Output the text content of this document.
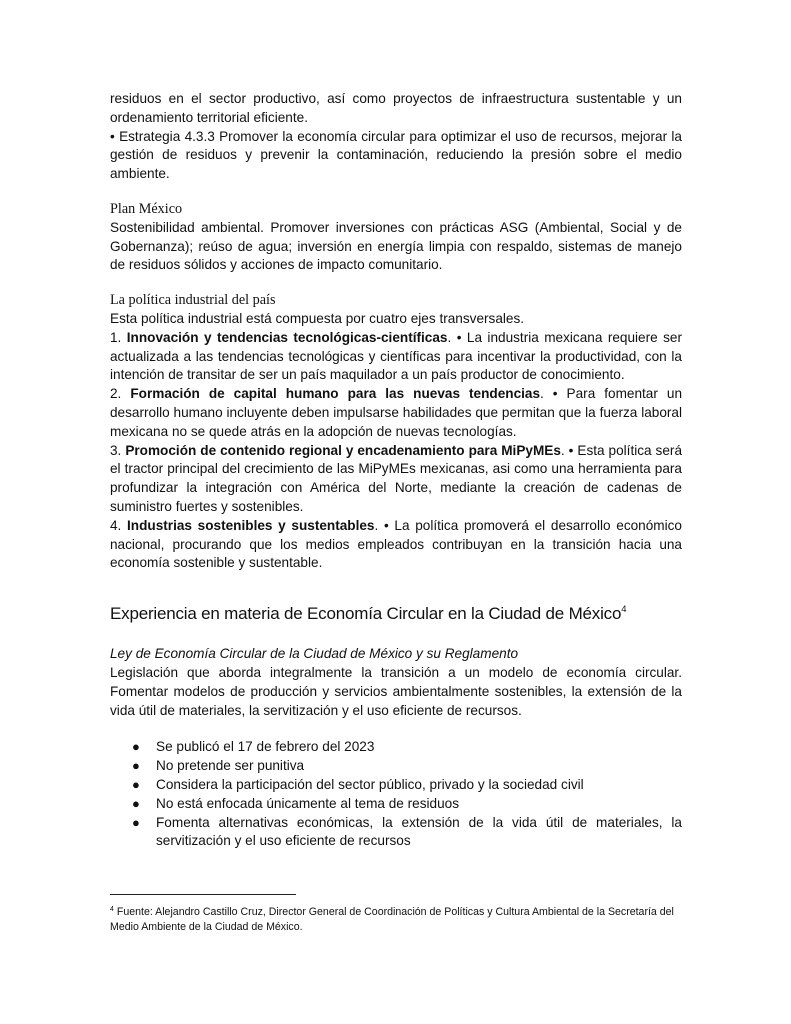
residuos en el sector productivo, así como proyectos de infraestructura sustentable y un ordenamiento territorial eficiente.

• Estrategia 4.3.3 Promover la economía circular para optimizar el uso de recursos, mejorar la gestión de residuos y prevenir la contaminación, reduciendo la presión sobre el medio ambiente.

Plan México

Sostenibilidad ambiental. Promover inversiones con prácticas ASG (Ambiental, Social y de Gobernanza); reúso de agua; inversión en energía limpia con respaldo, sistemas de manejo de residuos sólidos y acciones de impacto comunitario.

La política industrial del país

Esta política industrial está compuesta por cuatro ejes transversales.

1. Innovación y tendencias tecnológicas-científicas. • La industria mexicana requiere ser actualizada a las tendencias tecnológicas y científicas para incentivar la productividad, con la intención de transitar de ser un país maquilador a un país productor de conocimiento.

2. Formación de capital humano para las nuevas tendencias. • Para fomentar un desarrollo humano incluyente deben impulsarse habilidades que permitan que la fuerza laboral mexicana no se quede atrás en la adopción de nuevas tecnologías.

3. Promoción de contenido regional y encadenamiento para MiPyMEs. • Esta política será el tractor principal del crecimiento de las MiPyMEs mexicanas, asi como una herramienta para profundizar la integración con América del Norte, mediante la creación de cadenas de suministro fuertes y sostenibles.

4. Industrias sostenibles y sustentables. • La política promoverá el desarrollo económico nacional, procurando que los medios empleados contribuyan en la transición hacia una economía sostenible y sustentable.

Experiencia en materia de Economía Circular en la Ciudad de México$^4$

Ley de Economía Circular de la Ciudad de México y su Reglamento

Legislación que aborda integralmente la transición a un modelo de economía circular. Fomentar modelos de producción y servicios ambientalmente sostenibles, la extensión de la vida útil de materiales, la servitización y el uso eficiente de recursos.

● Se publicó el 17 de febrero del 2023
● No pretende ser punitiva
● Considera la participación del sector público, privado y la sociedad civil
● No está enfocada únicamente al tema de residuos
● Fomenta alternativas económicas, la extensión de la vida útil de materiales, la servitización y el uso eficiente de recursos
$^4$ Fuente: Alejandro Castillo Cruz, Director General de Coordinación de Políticas y Cultura Ambiental de la Secretaría del Medio Ambiente de la Ciudad de México.
